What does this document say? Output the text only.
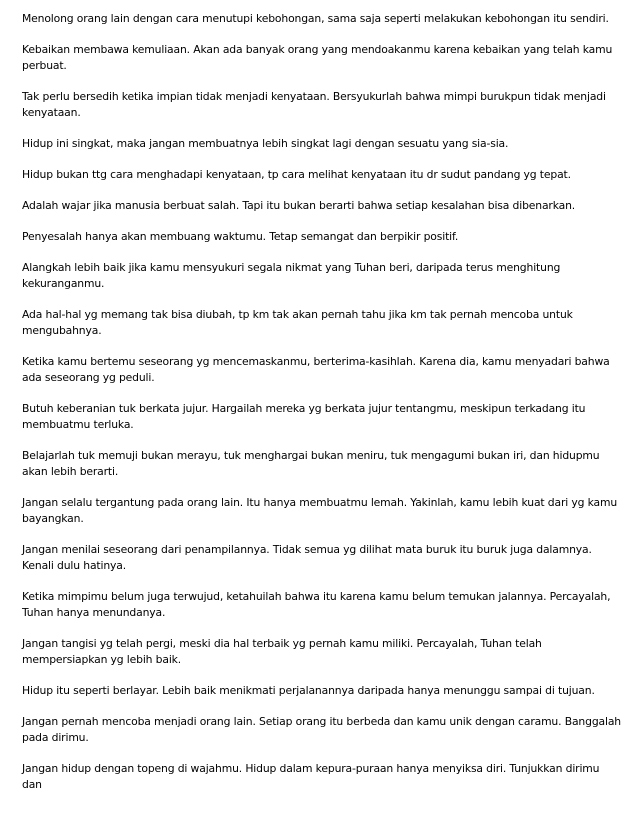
Menolong orang lain dengan cara menutupi kebohongan, sama saja seperti melakukan kebohongan itu sendiri.

Kebaikan membawa kemuliaan. Akan ada banyak orang yang mendoakanmu karena kebaikan yang telah kamu perbuat.

Tak perlu bersedih ketika impian tidak menjadi kenyataan. Bersyukurlah bahwa mimpi burukpun tidak menjadi kenyataan.

Hidup ini singkat, maka jangan membuatnya lebih singkat lagi dengan sesuatu yang sia-sia.

Hidup bukan ttg cara menghadapi kenyataan, tp cara melihat kenyataan itu dr sudut pandang yg tepat.

Adalah wajar jika manusia berbuat salah. Tapi itu bukan berarti bahwa setiap kesalahan bisa dibenarkan.

Penyesalah hanya akan membuang waktumu. Tetap semangat dan berpikir positif.

Alangkah lebih baik jika kamu mensyukuri segala nikmat yang Tuhan beri, daripada terus menghitung kekuranganmu.

Ada hal-hal yg memang tak bisa diubah, tp km tak akan pernah tahu jika km tak pernah mencoba untuk mengubahnya.

Ketika kamu bertemu seseorang yg mencemaskanmu, berterima-kasihlah. Karena dia, kamu menyadari bahwa ada seseorang yg peduli.

Butuh keberanian tuk berkata jujur. Hargailah mereka yg berkata jujur tentangmu, meskipun terkadang itu membuatmu terluka.

Belajarlah tuk memuji bukan merayu, tuk menghargai bukan meniru, tuk mengagumi bukan iri, dan hidupmu akan lebih berarti.

Jangan selalu tergantung pada orang lain. Itu hanya membuatmu lemah. Yakinlah, kamu lebih kuat dari yg kamu bayangkan.

Jangan menilai seseorang dari penampilannya. Tidak semua yg dilihat mata buruk itu buruk juga dalamnya. Kenali dulu hatinya.

Ketika mimpimu belum juga terwujud, ketahuilah bahwa itu karena kamu belum temukan jalannya. Percayalah, Tuhan hanya menundanya.

Jangan tangisi yg telah pergi, meski dia hal terbaik yg pernah kamu miliki. Percayalah, Tuhan telah mempersiapkan yg lebih baik.

Hidup itu seperti berlayar. Lebih baik menikmati perjalanannya daripada hanya menunggu sampai di tujuan.

Jangan pernah mencoba menjadi orang lain. Setiap orang itu berbeda dan kamu unik dengan caramu. Banggalah pada dirimu.

Jangan hidup dengan topeng di wajahmu. Hidup dalam kepura-puraan hanya menyiksa diri. Tunjukkan dirimu dan
